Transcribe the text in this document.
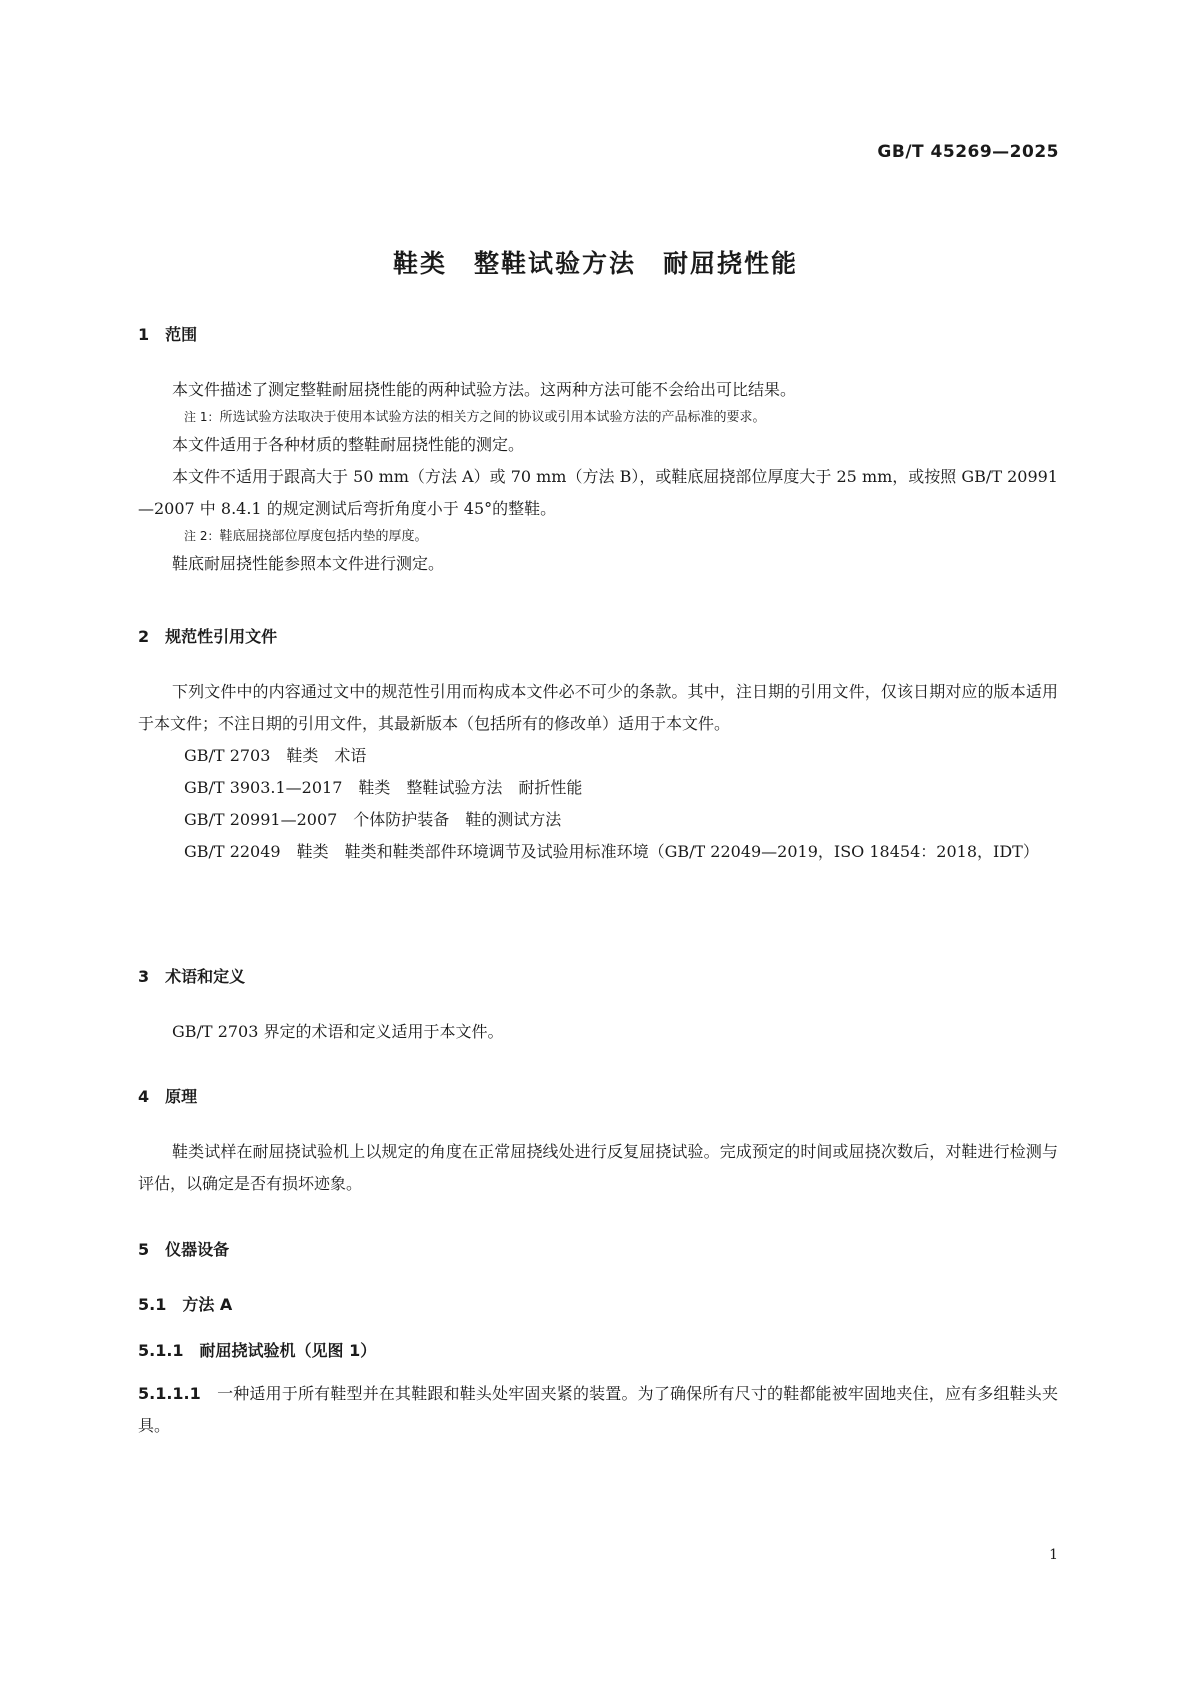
GB/T 45269—2025
鞋类　整鞋试验方法　耐屈挠性能
1　范围
本文件描述了测定整鞋耐屈挠性能的两种试验方法。这两种方法可能不会给出可比结果。
注 1：所选试验方法取决于使用本试验方法的相关方之间的协议或引用本试验方法的产品标准的要求。
本文件适用于各种材质的整鞋耐屈挠性能的测定。
本文件不适用于跟高大于 50 mm（方法 A）或 70 mm（方法 B），或鞋底屈挠部位厚度大于 25 mm，或按照 GB/T 20991—2007 中 8.4.1 的规定测试后弯折角度小于 45°的整鞋。
注 2：鞋底屈挠部位厚度包括内垫的厚度。
鞋底耐屈挠性能参照本文件进行测定。
2　规范性引用文件
下列文件中的内容通过文中的规范性引用而构成本文件必不可少的条款。其中，注日期的引用文件，仅该日期对应的版本适用于本文件；不注日期的引用文件，其最新版本（包括所有的修改单）适用于本文件。
GB/T 2703　鞋类　术语
GB/T 3903.1—2017　鞋类　整鞋试验方法　耐折性能
GB/T 20991—2007　个体防护装备　鞋的测试方法
GB/T 22049　鞋类　鞋类和鞋类部件环境调节及试验用标准环境（GB/T 22049—2019，ISO 18454：2018，IDT）
3　术语和定义
GB/T 2703 界定的术语和定义适用于本文件。
4　原理
鞋类试样在耐屈挠试验机上以规定的角度在正常屈挠线处进行反复屈挠试验。完成预定的时间或屈挠次数后，对鞋进行检测与评估，以确定是否有损坏迹象。
5　仪器设备
5.1　方法 A
5.1.1　耐屈挠试验机（见图 1）
5.1.1.1　 一种适用于所有鞋型并在其鞋跟和鞋头处牢固夹紧的装置。为了确保所有尺寸的鞋都能被牢固地夹住，应有多组鞋头夹具。
1
